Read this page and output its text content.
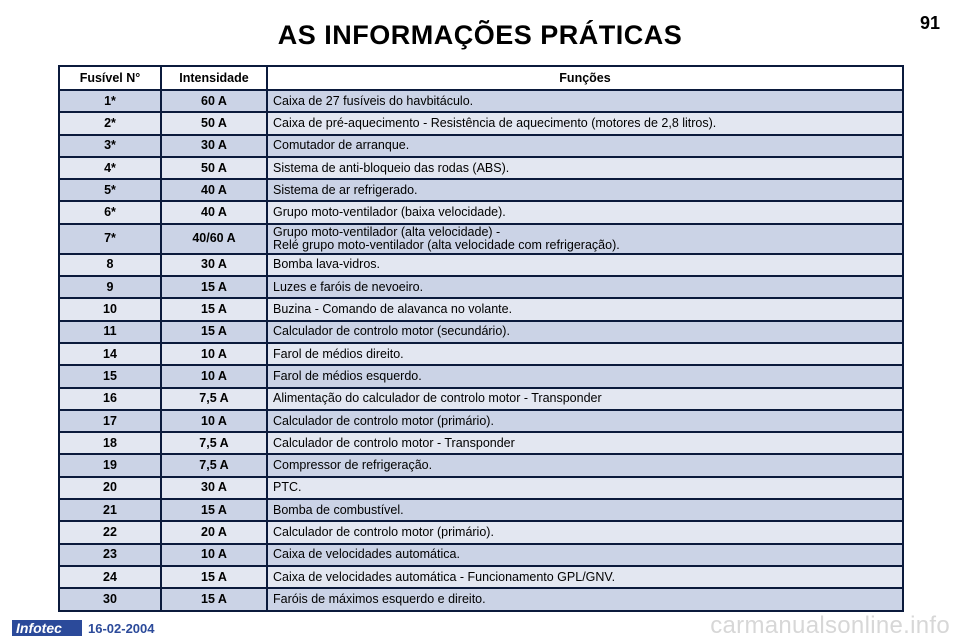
AS INFORMAÇÕES PRÁTICAS	91
Fusível N°	Intensidade	Funções
1*	60 A	Caixa de 27 fusíveis do havbitáculo.

2*	50 A	Caixa de pré-aquecimento - Resistência de aquecimento (motores de 2,8 litros).

3*	30 A	Comutador de arranque.

4*	50 A	Sistema de anti-bloqueio das rodas (ABS).

5*	40 A	Sistema de ar refrigerado.

6*	40 A	Grupo moto-ventilador (baixa velocidade).

7*	40/60 A	Grupo moto-ventilador (alta velocidade) -
Relé grupo moto-ventilador (alta velocidade com refrigeração).

8	30 A	Bomba lava-vidros.

9	15 A	Luzes e faróis de nevoeiro.

10	15 A	Buzina - Comando de alavanca no volante.

11	15 A	Calculador de controlo motor (secundário).

14	10 A	Farol de médios direito.

15	10 A	Farol de médios esquerdo.

16	7,5 A	Alimentação do calculador de controlo motor - Transponder

17	10 A	Calculador de controlo motor (primário).

18	7,5 A	Calculador de controlo motor - Transponder

19	7,5 A	Compressor de refrigeração.

20	30 A	PTC.

21	15 A	Bomba de combustível.

22	20 A	Calculador de controlo motor (primário).

23	10 A	Caixa de velocidades automática.

24	15 A	Caixa de velocidades automática - Funcionamento GPL/GNV.

30	15 A	Faróis de máximos esquerdo e direito.
Infotec	16-02-2004	carmanualsonline.info
